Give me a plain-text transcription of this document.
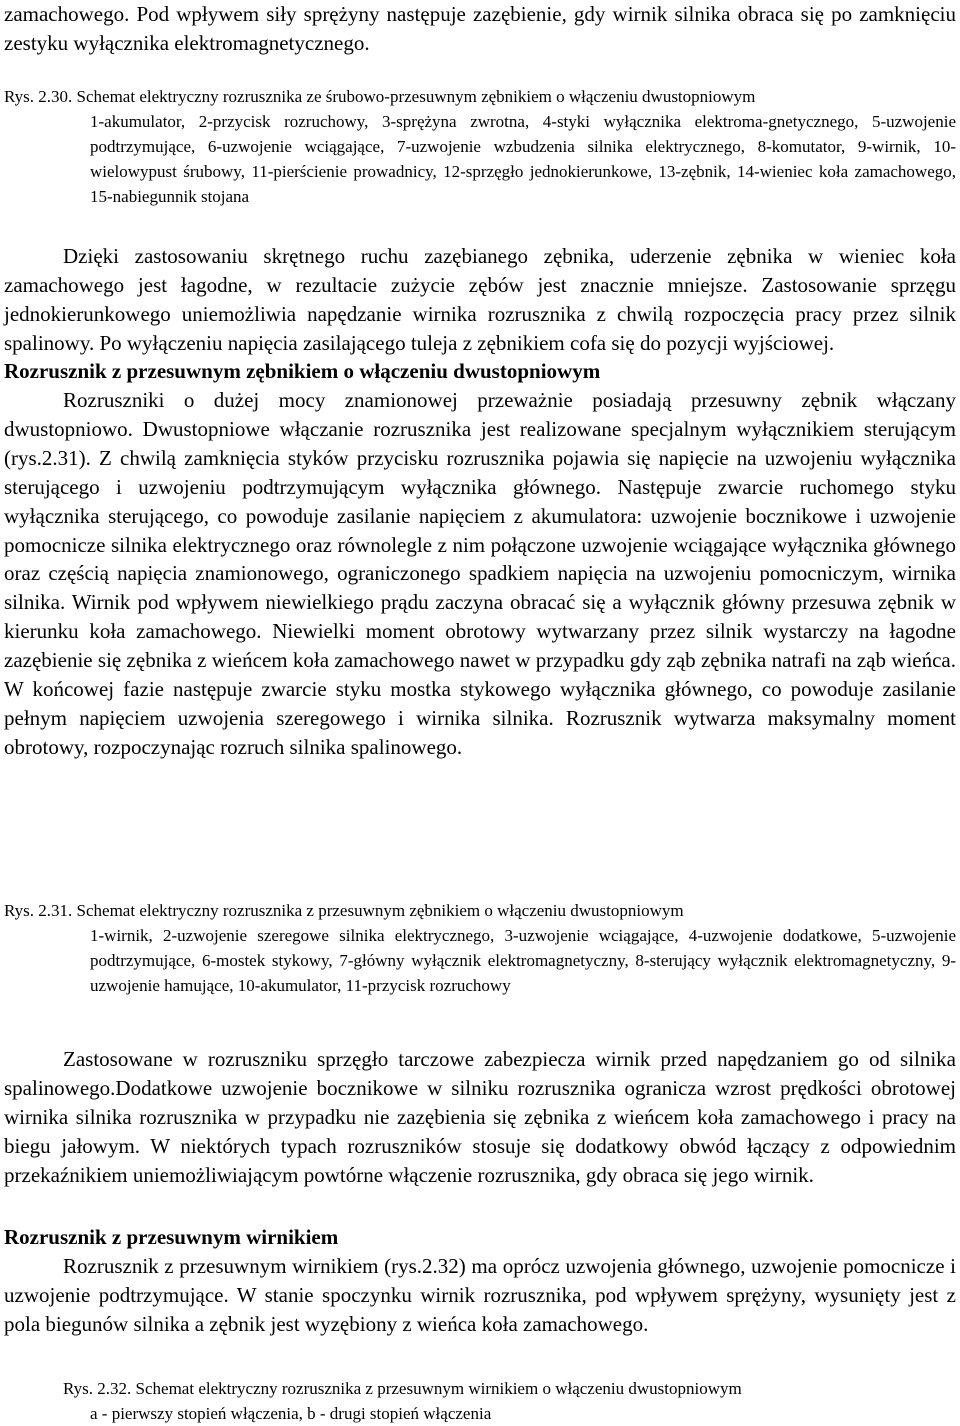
zamachowego. Pod wpływem siły sprężyny następuje zazębienie, gdy wirnik silnika obraca się po zamknięciu zestyku wyłącznika elektromagnetycznego.

Rys. 2.30. Schemat elektryczny rozrusznika ze śrubowo-przesuwnym zębnikiem o włączeniu dwustopniowym
1-akumulator, 2-przycisk rozruchowy, 3-sprężyna zwrotna, 4-styki wyłącznika elektroma-gnetycznego, 5-uzwojenie podtrzymujące, 6-uzwojenie wciągające, 7-uzwojenie wzbudzenia silnika elektrycznego, 8-komutator, 9-wirnik, 10-wielowypust śrubowy, 11-pierścienie prowadnicy, 12-sprzęgło jednokierunkowe, 13-zębnik, 14-wieniec koła zamachowego, 15-nabiegunnik stojana

Dzięki zastosowaniu skrętnego ruchu zazębianego zębnika, uderzenie zębnika w wieniec koła zamachowego jest łagodne, w rezultacie zużycie zębów jest znacznie mniejsze. Zastosowanie sprzęgu jednokierunkowego uniemożliwia napędzanie wirnika rozrusznika z chwilą rozpoczęcia pracy przez silnik spalinowy. Po wyłączeniu napięcia zasilającego tuleja z zębnikiem cofa się do pozycji wyjściowej.

Rozrusznik z przesuwnym zębnikiem o włączeniu dwustopniowym

Rozruszniki o dużej mocy znamionowej przeważnie posiadają przesuwny zębnik włączany dwustopniowo. Dwustopniowe włączanie rozrusznika jest realizowane specjalnym wyłącznikiem sterującym (rys.2.31). Z chwilą zamknięcia styków przycisku rozrusznika pojawia się napięcie na uzwojeniu wyłącznika sterującego i uzwojeniu podtrzymującym wyłącznika głównego. Następuje zwarcie ruchomego styku wyłącznika sterującego, co powoduje zasilanie napięciem z akumulatora: uzwojenie bocznikowe i uzwojenie pomocnicze silnika elektrycznego oraz równolegle z nim połączone uzwojenie wciągające wyłącznika głównego oraz częścią napięcia znamionowego, ograniczonego spadkiem napięcia na uzwojeniu pomocniczym, wirnika silnika. Wirnik pod wpływem niewielkiego prądu zaczyna obracać się a wyłącznik główny przesuwa zębnik w kierunku koła zamachowego. Niewielki moment obrotowy wytwarzany przez silnik wystarczy na łagodne zazębienie się zębnika z wieńcem koła zamachowego nawet w przypadku gdy ząb zębnika natrafi na ząb wieńca. W końcowej fazie następuje zwarcie styku mostka stykowego wyłącznika głównego, co powoduje zasilanie pełnym napięciem uzwojenia szeregowego i wirnika silnika. Rozrusznik wytwarza maksymalny moment obrotowy, rozpoczynając rozruch silnika spalinowego.

Rys. 2.31. Schemat elektryczny rozrusznika z przesuwnym zębnikiem o włączeniu dwustopniowym
1-wirnik, 2-uzwojenie szeregowe silnika elektrycznego, 3-uzwojenie wciągające, 4-uzwojenie dodatkowe, 5-uzwojenie podtrzymujące, 6-mostek stykowy, 7-główny wyłącznik elektromagnetyczny, 8-sterujący wyłącznik elektromagnetyczny, 9-uzwojenie hamujące, 10-akumulator, 11-przycisk rozruchowy

Zastosowane w rozruszniku sprzęgło tarczowe zabezpiecza wirnik przed napędzaniem go od silnika spalinowego.Dodatkowe uzwojenie bocznikowe w silniku rozrusznika ogranicza wzrost prędkości obrotowej wirnika silnika rozrusznika w przypadku nie zazębienia się zębnika z wieńcem koła zamachowego i pracy na biegu jałowym. W niektórych typach rozruszników stosuje się dodatkowy obwód łączący z odpowiednim przekaźnikiem uniemożliwiającym powtórne włączenie rozrusznika, gdy obraca się jego wirnik.

Rozrusznik z przesuwnym wirnikiem

Rozrusznik z przesuwnym wirnikiem (rys.2.32) ma oprócz uzwojenia głównego, uzwojenie pomocnicze i uzwojenie podtrzymujące. W stanie spoczynku wirnik rozrusznika, pod wpływem sprężyny, wysunięty jest z pola biegunów silnika a zębnik jest wyzębiony z wieńca koła zamachowego.

Rys. 2.32. Schemat elektryczny rozrusznika z przesuwnym wirnikiem o włączeniu dwustopniowym
a - pierwszy stopień włączenia, b - drugi stopień włączenia
